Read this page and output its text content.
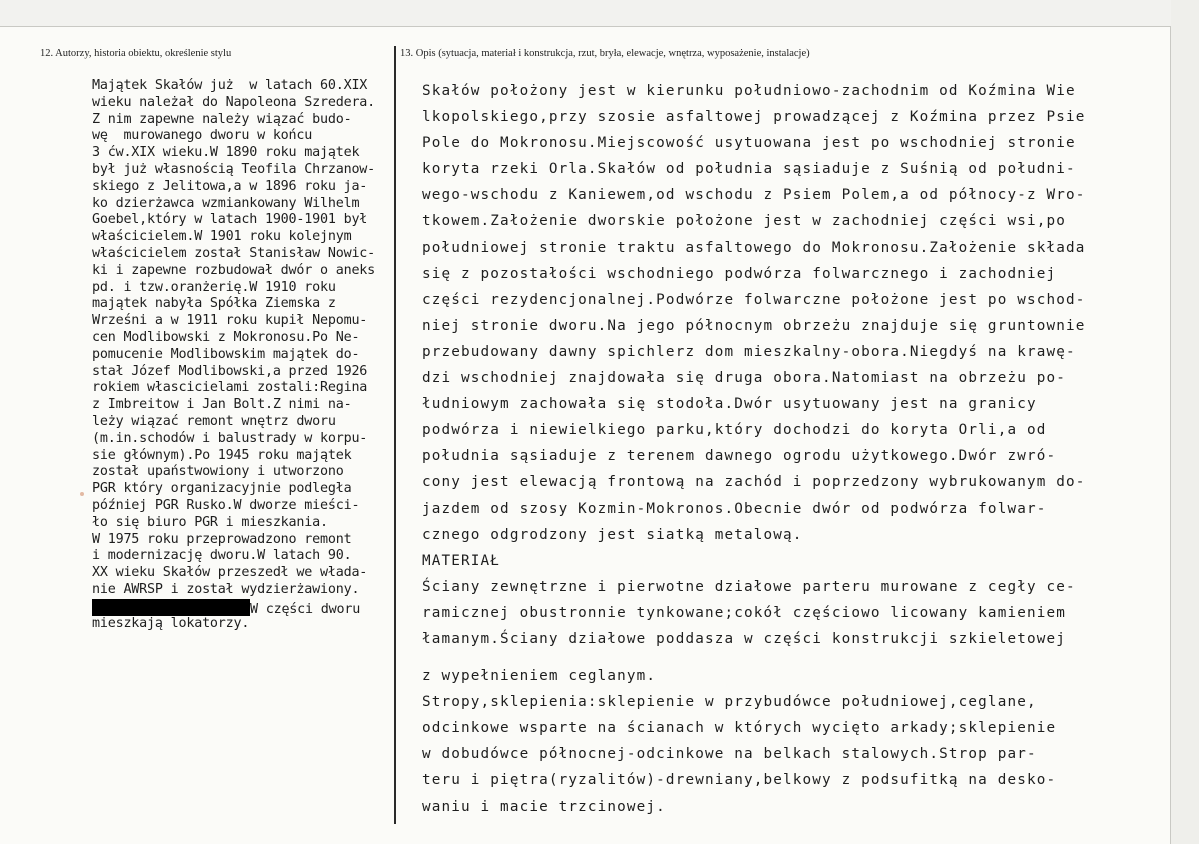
12. Autorzy, historia obiektu, określenie stylu	13. Opis (sytuacja, materiał i konstrukcja, rzut, bryła, elewacje, wnętrza, wyposażenie, instalacje)
Majątek Skałów już  w latach 60.XIX
wieku należał do Napoleona Szredera.
Z nim zapewne należy wiązać budo-
wę  murowanego dworu w końcu
3 ćw.XIX wieku.W 1890 roku majątek
był już własnością Teofila Chrzanow-
skiego z Jelitowa,a w 1896 roku ja-
ko dzierżawca wzmiankowany Wilhelm
Goebel,który w latach 1900-1901 był
właścicielem.W 1901 roku kolejnym
właścicielem został Stanisław Nowic-
ki i zapewne rozbudował dwór o aneks
pd. i tzw.oranżerię.W 1910 roku
majątek nabyła Spółka Ziemska z
Wrześni a w 1911 roku kupił Nepomu-
cen Modlibowski z Mokronosu.Po Ne-
pomucenie Modlibowskim majątek do-
stał Józef Modlibowski,a przed 1926
rokiem włascicielami zostali:Regina
z Imbreitow i Jan Bolt.Z nimi na-
leży wiązać remont wnętrz dworu
(m.in.schodów i balustrady w korpu-
sie głównym).Po 1945 roku majątek
został upaństwowiony i utworzono
PGR który organizacyjnie podległa
później PGR Rusko.W dworze mieści-
ło się biuro PGR i mieszkania.
W 1975 roku przeprowadzono remont
i modernizację dworu.W latach 90.
XX wieku Skałów przeszedł we włada-
nie AWRSP i został wydzierżawiony.
W części dworu
mieszkają lokatorzy.
Skałów położony jest w kierunku południowo-zachodnim od Koźmina Wie
lkopolskiego,przy szosie asfaltowej prowadzącej z Koźmina przez Psie
Pole do Mokronosu.Miejscowość usytuowana jest po wschodniej stronie
koryta rzeki Orla.Skałów od południa sąsiaduje z Suśnią od południ-
wego-wschodu z Kaniewem,od wschodu z Psiem Polem,a od północy-z Wro-
tkowem.Założenie dworskie położone jest w zachodniej części wsi,po
południowej stronie traktu asfaltowego do Mokronosu.Założenie składa
się z pozostałości wschodniego podwórza folwarcznego i zachodniej
części rezydencjonalnej.Podwórze folwarczne położone jest po wschod-
niej stronie dworu.Na jego północnym obrzeżu znajduje się gruntownie
przebudowany dawny spichlerz dom mieszkalny-obora.Niegdyś na krawę-
dzi wschodniej znajdowała się druga obora.Natomiast na obrzeżu po-
łudniowym zachowała się stodoła.Dwór usytuowany jest na granicy
podwórza i niewielkiego parku,który dochodzi do koryta Orli,a od
południa sąsiaduje z terenem dawnego ogrodu użytkowego.Dwór zwró-
cony jest elewacją frontową na zachód i poprzedzony wybrukowanym do-
jazdem od szosy Kozmin-Mokronos.Obecnie dwór od podwórza folwar-
cznego odgrodzony jest siatką metalową.
MATERIAŁ
Ściany zewnętrzne i pierwotne działowe parteru murowane z cegły ce-
ramicznej obustronnie tynkowane;cokół częściowo licowany kamieniem
łamanym.Ściany działowe poddasza w części konstrukcji szkieletowej
z wypełnieniem ceglanym.
Stropy,sklepienia:sklepienie w przybudówce południowej,ceglane,
odcinkowe wsparte na ścianach w których wycięto arkady;sklepienie
w dobudówce północnej-odcinkowe na belkach stalowych.Strop par-
teru i piętra(ryzalitów)-drewniany,belkowy z podsufitką na desko-
waniu i macie trzcinowej.
